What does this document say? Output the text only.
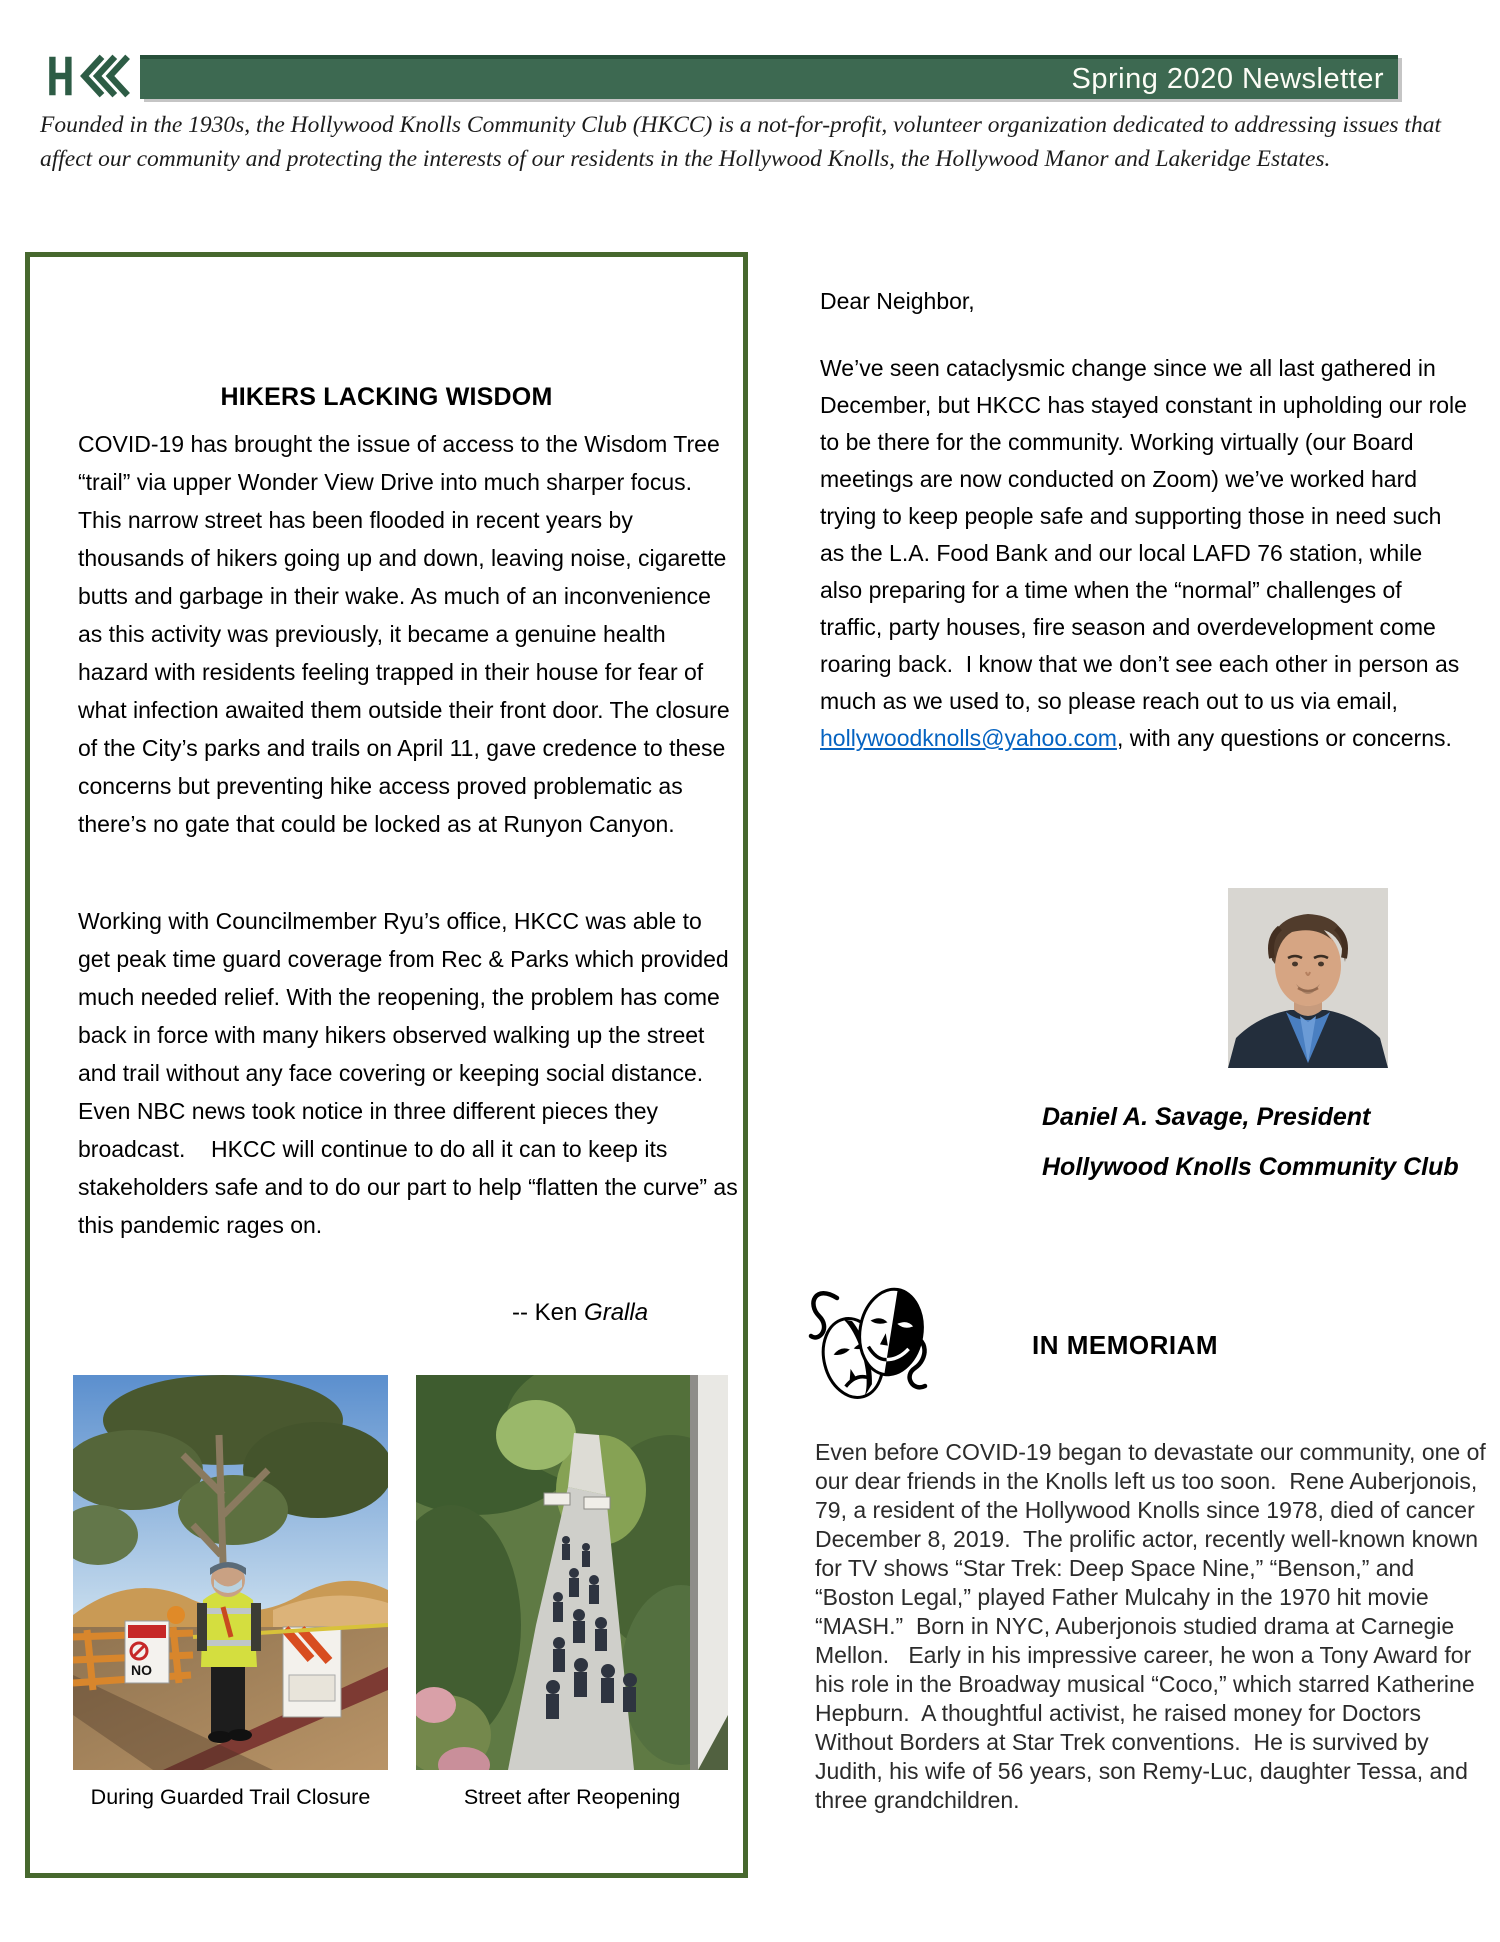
Spring 2020 Newsletter
Founded in the 1930s, the Hollywood Knolls Community Club (HKCC) is a not-for-profit, volunteer organization dedicated to addressing issues that affect our community and protecting the interests of our residents in the Hollywood Knolls, the Hollywood Manor and Lakeridge Estates.
HIKERS LACKING WISDOM
COVID-19 has brought the issue of access to the Wisdom Tree “trail” via upper Wonder View Drive into much sharper focus.  This narrow street has been flooded in recent years by thousands of hikers going up and down, leaving noise, cigarette butts and garbage in their wake. As much of an inconvenience as this activity was previously, it became a genuine health hazard with residents feeling trapped in their house for fear of what infection awaited them outside their front door. The closure of the City’s parks and trails on April 11, gave credence to these concerns but preventing hike access proved problematic as there’s no gate that could be locked as at Runyon Canyon.
Working with Councilmember Ryu’s office, HKCC was able to get peak time guard coverage from Rec & Parks which provided much needed relief. With the reopening, the problem has come back in force with many hikers observed walking up the street and trail without any face covering or keeping social distance. Even NBC news took notice in three different pieces they broadcast.    HKCC will continue to do all it can to keep its stakeholders safe and to do our part to help “flatten the curve” as this pandemic rages on.
-- Ken Gralla
NO
During Guarded Trail Closure	Street after Reopening
Dear Neighbor,
We’ve seen cataclysmic change since we all last gathered in December, but HKCC has stayed constant in upholding our role to be there for the community. Working virtually (our Board meetings are now conducted on Zoom) we’ve worked hard trying to keep people safe and supporting those in need such as the L.A. Food Bank and our local LAFD 76 station, while also preparing for a time when the “normal” challenges of traffic, party houses, fire season and overdevelopment come roaring back.  I know that we don’t see each other in person as much as we used to, so please reach out to us via email, hollywoodknolls@yahoo.com, with any questions or concerns.
Daniel A. Savage, President
Hollywood Knolls Community Club
IN MEMORIAM
Even before COVID-19 began to devastate our community, one of our dear friends in the Knolls left us too soon.  Rene Auberjonois, 79, a resident of the Hollywood Knolls since 1978, died of cancer December 8, 2019.  The prolific actor, recently well-known known for TV shows “Star Trek: Deep Space Nine,” “Benson,” and “Boston Legal,” played Father Mulcahy in the 1970 hit movie “MASH.”  Born in NYC, Auberjonois studied drama at Carnegie Mellon.   Early in his impressive career, he won a Tony Award for his role in the Broadway musical “Coco,” which starred Katherine Hepburn.  A thoughtful activist, he raised money for Doctors Without Borders at Star Trek conventions.  He is survived by Judith, his wife of 56 years, son Remy-Luc, daughter Tessa, and three grandchildren.
